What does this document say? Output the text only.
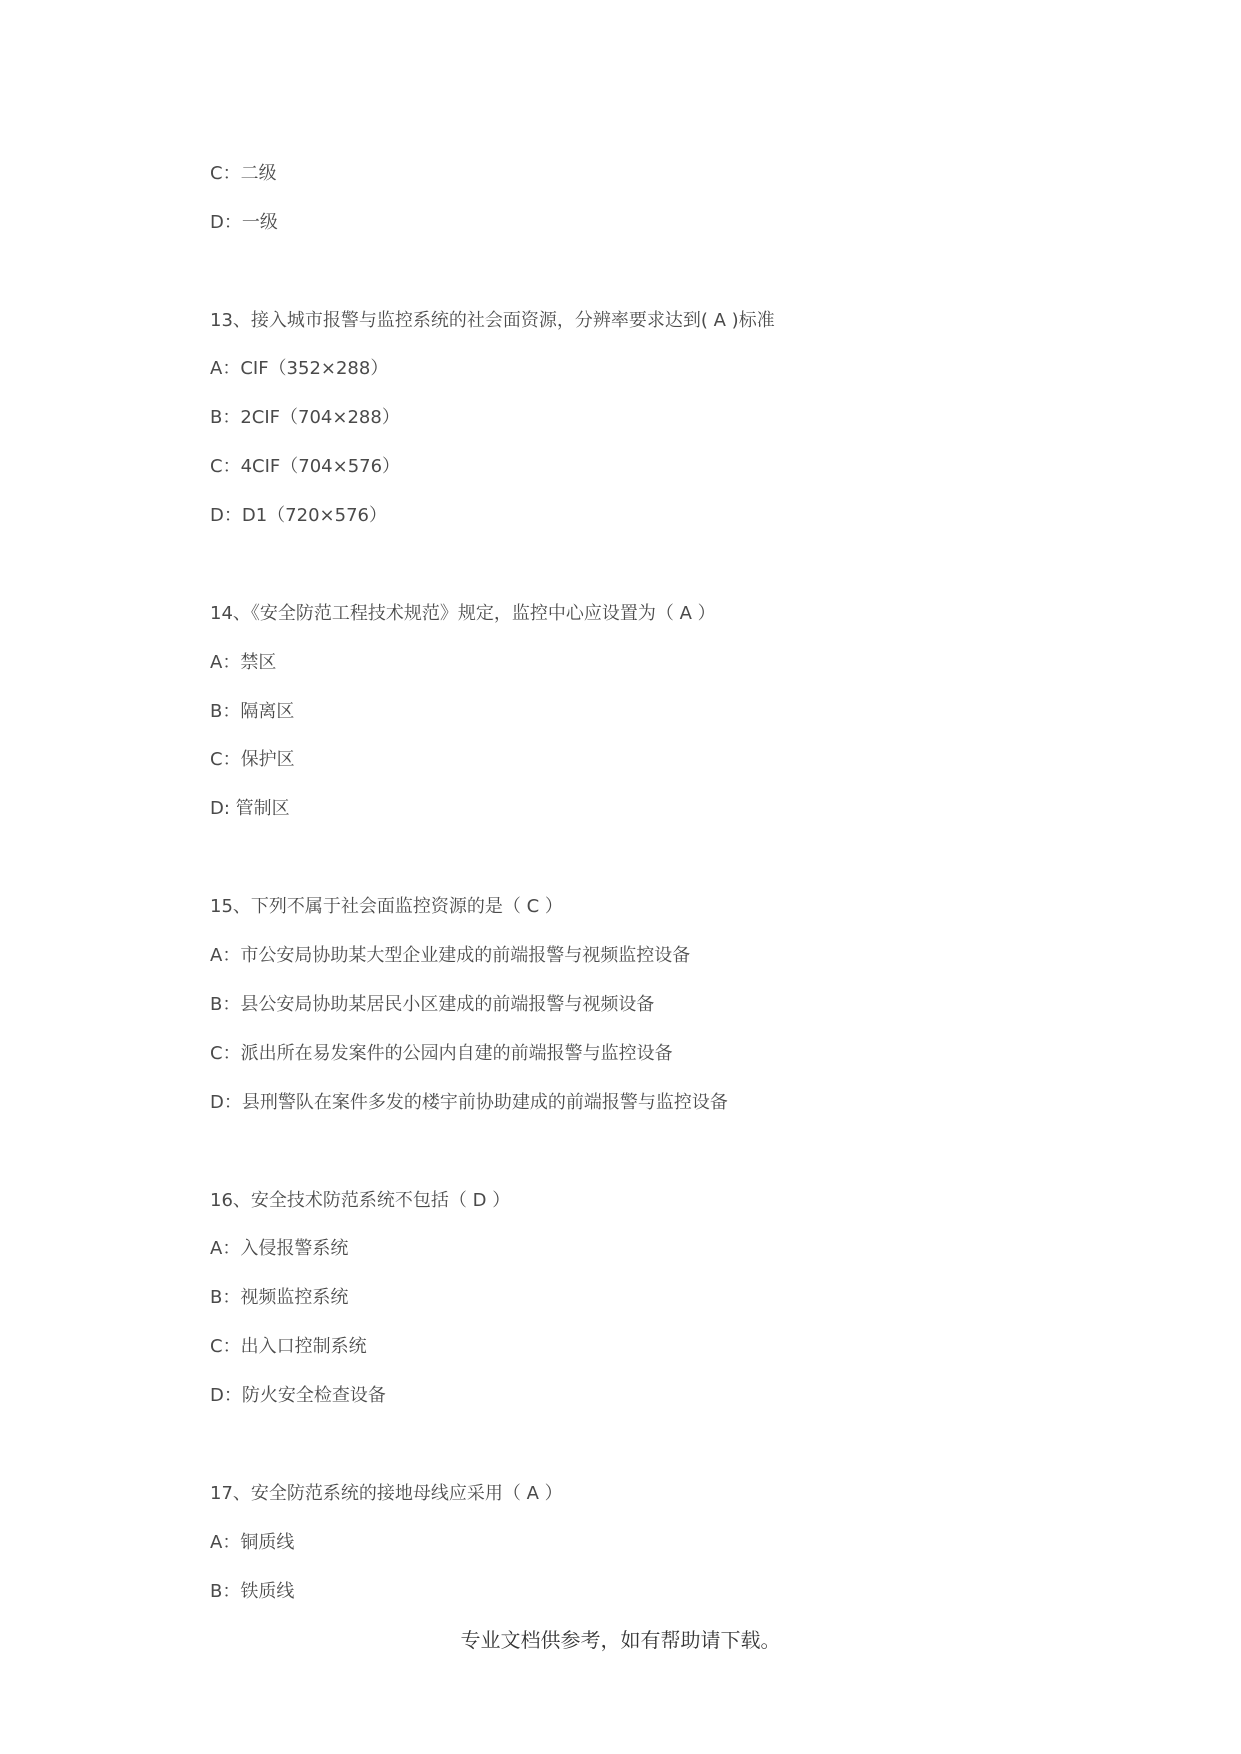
C：二级
D：一级
13、接入城市报警与监控系统的社会面资源，分辨率要求达到( A )标准
A：CIF（352×288）
B：2CIF（704×288）
C：4CIF（704×576）
D：D1（720×576）
14、《安全防范工程技术规范》规定，监控中心应设置为（ A ）
A：禁区
B：隔离区
C：保护区
D: 管制区
15、下列不属于社会面监控资源的是（ C ）
A：市公安局协助某大型企业建成的前端报警与视频监控设备
B：县公安局协助某居民小区建成的前端报警与视频设备
C：派出所在易发案件的公园内自建的前端报警与监控设备
D：县刑警队在案件多发的楼宇前协助建成的前端报警与监控设备
16、安全技术防范系统不包括（ D ）
A：入侵报警系统
B：视频监控系统
C：出入口控制系统
D：防火安全检查设备
17、安全防范系统的接地母线应采用（ A ）
A：铜质线
B：铁质线
专业文档供参考，如有帮助请下载。
